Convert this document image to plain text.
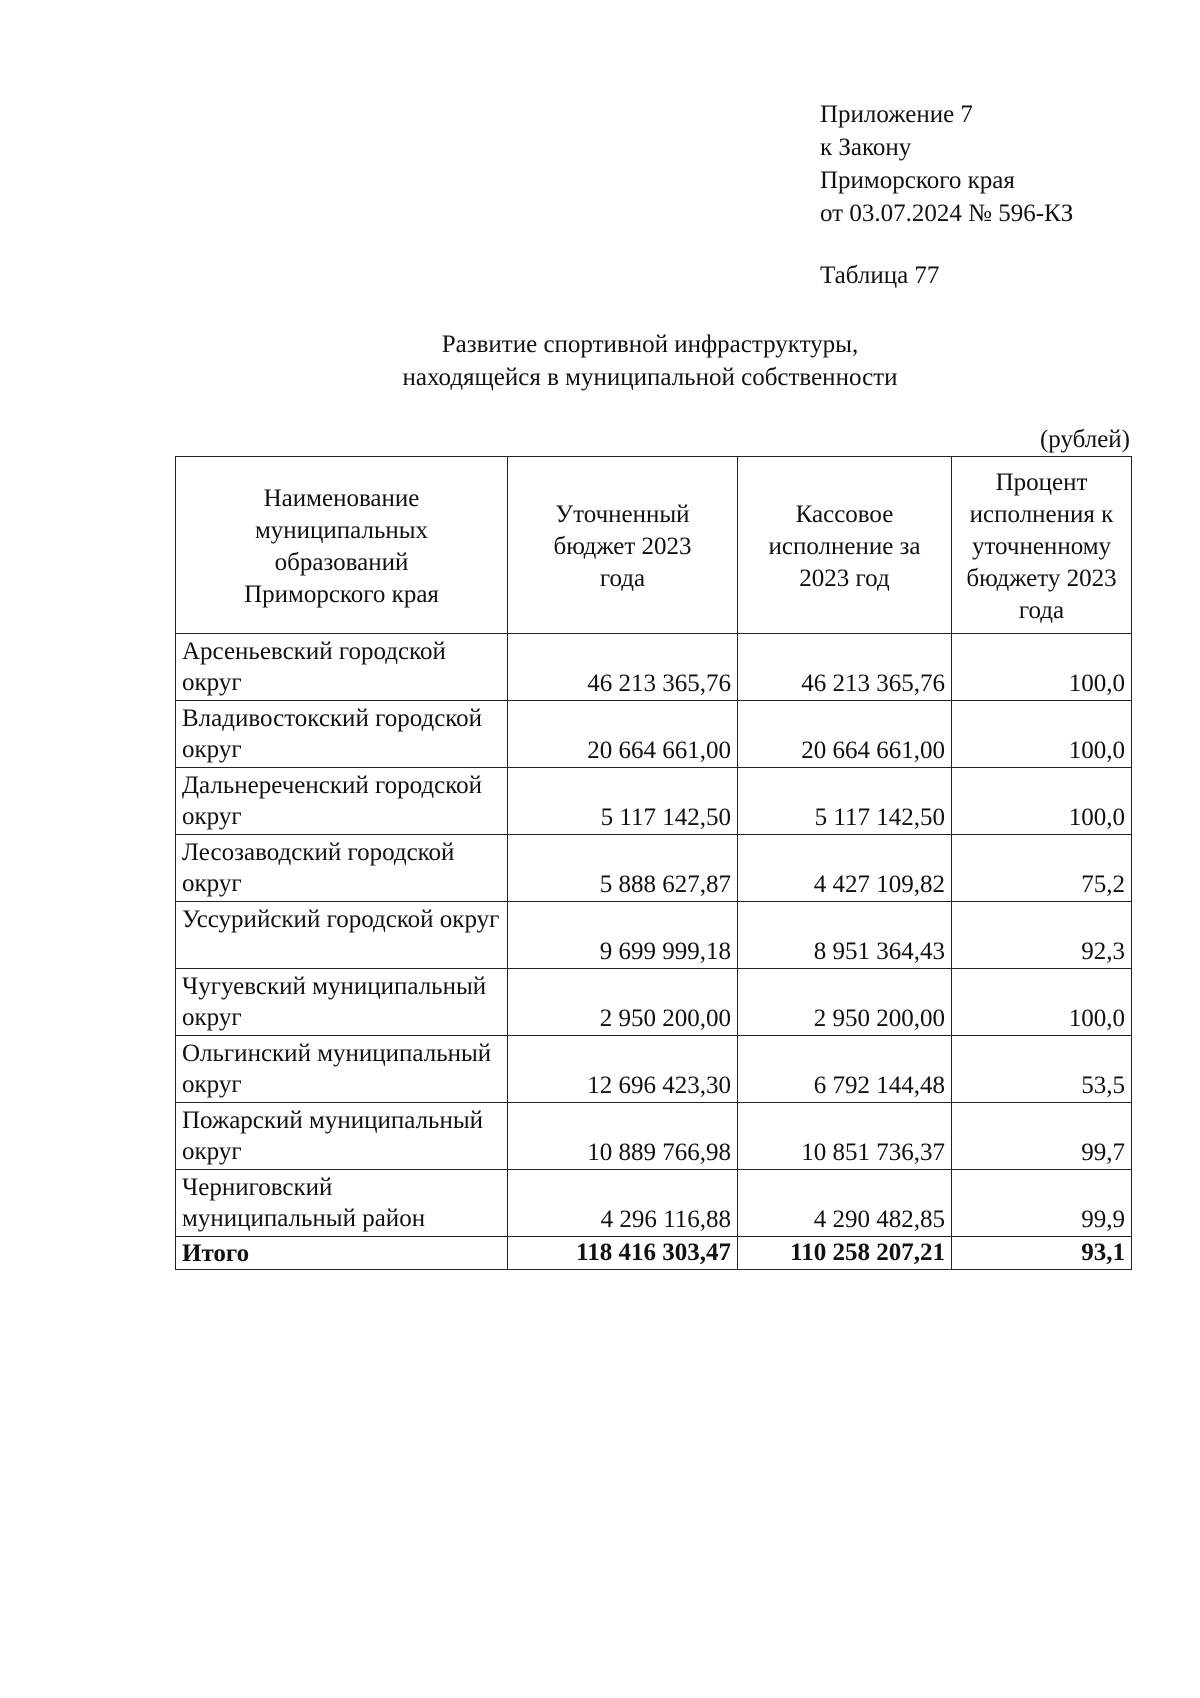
Приложение 7
к Закону
Приморского края
от 03.07.2024 № 596-КЗ
Таблица 77
Развитие спортивной инфраструктуры,
находящейся в муниципальной собственности
(рублей)
Наименование муниципальных образований Приморского края	Уточненный бюджет 2023 года	Кассовое исполнение за 2023 год	Процент исполнения к уточненному бюджету 2023 года
Арсеньевский городской округ	46 213 365,76	46 213 365,76	100,0
Владивостокский городской округ	20 664 661,00	20 664 661,00	100,0
Дальнереченский городской округ	5 117 142,50	5 117 142,50	100,0
Лесозаводский городской округ	5 888 627,87	4 427 109,82	75,2
Уссурийский городской округ	9 699 999,18	8 951 364,43	92,3
Чугуевский муниципальный округ	2 950 200,00	2 950 200,00	100,0
Ольгинский муниципальный округ	12 696 423,30	6 792 144,48	53,5
Пожарский муниципальный округ	10 889 766,98	10 851 736,37	99,7
Черниговский муниципальный район	4 296 116,88	4 290 482,85	99,9
Итого	118 416 303,47	110 258 207,21	93,1
